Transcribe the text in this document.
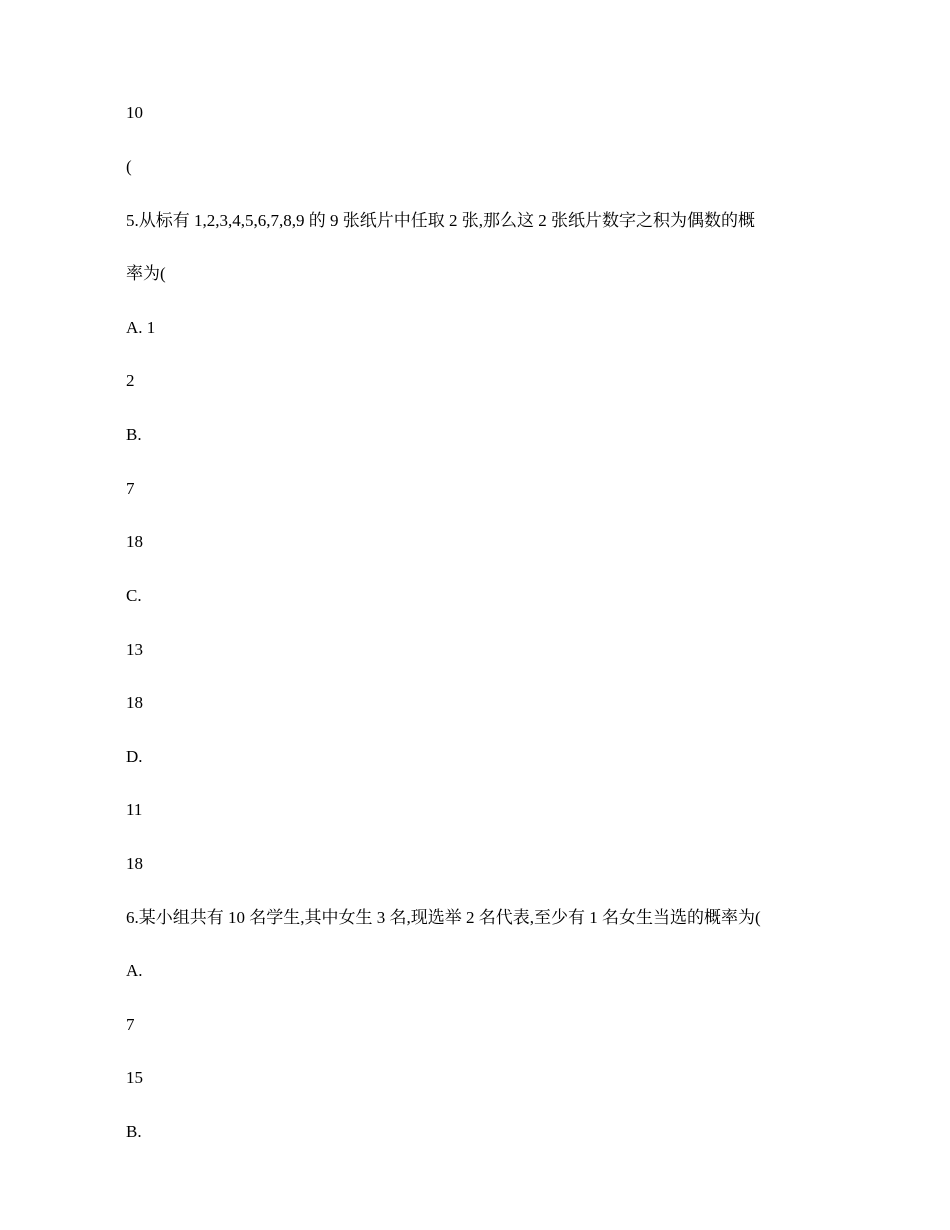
10
(
5.从标有 1,2,3,4,5,6,7,8,9 的 9 张纸片中任取 2 张,那么这 2 张纸片数字之积为偶数的概
率为(
A. 1
2
B.
7
18
C.
13
18
D.
11
18
6.某小组共有 10 名学生,其中女生 3 名,现选举 2 名代表,至少有 1 名女生当选的概率为(
A.
7
15
B.
